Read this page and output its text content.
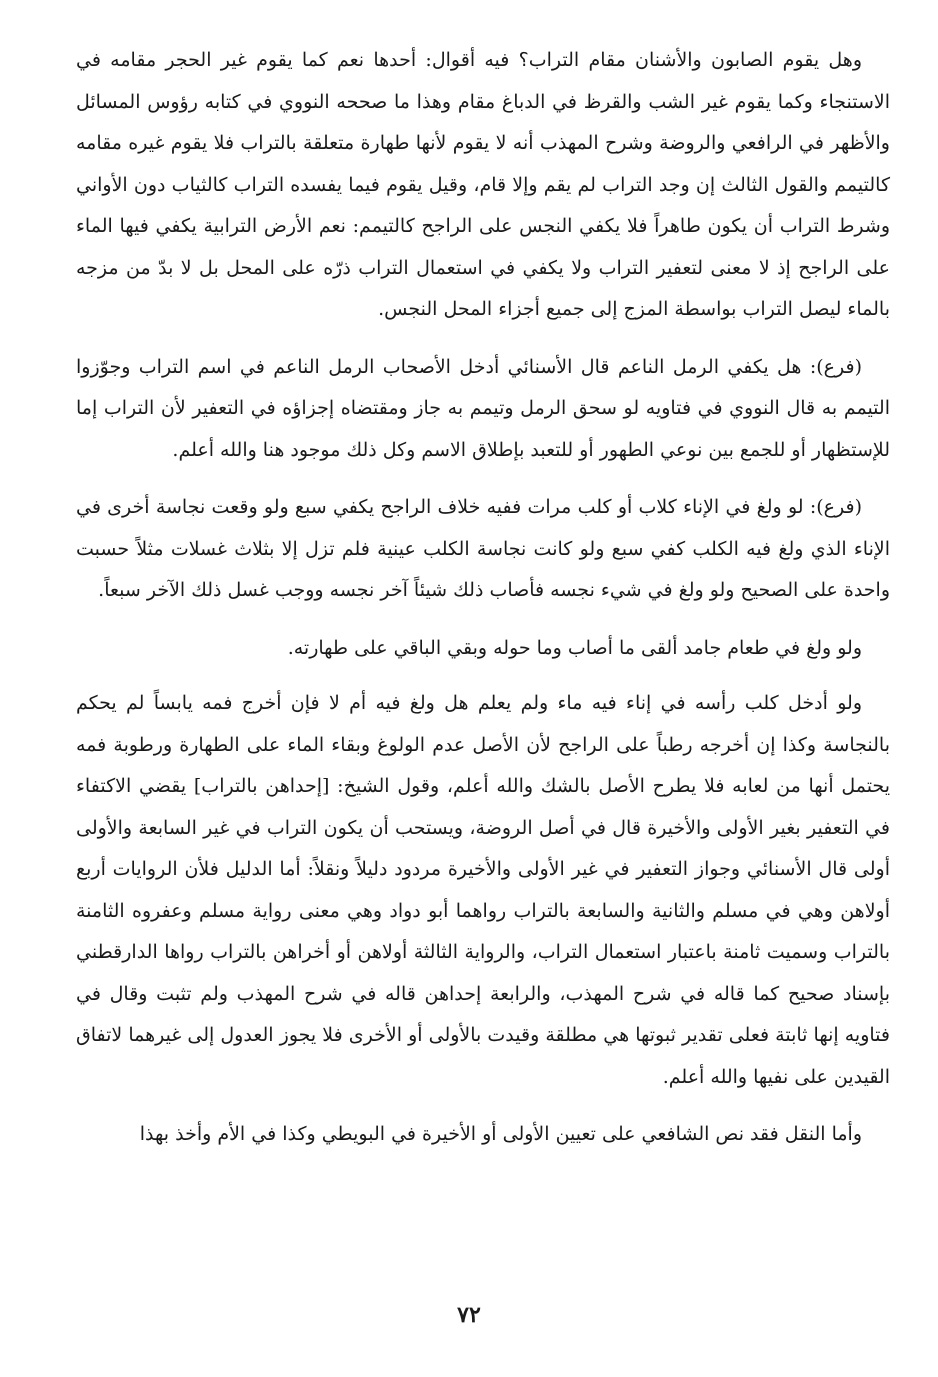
وهل يقوم الصابون والأشنان مقام التراب؟ فيه أقوال: أحدها نعم كما يقوم غير الحجر مقامه في الاستنجاء وكما يقوم غير الشب والقرظ في الدباغ مقام وهذا ما صححه النووي في كتابه رؤوس المسائل والأظهر في الرافعي والروضة وشرح المهذب أنه لا يقوم لأنها طهارة متعلقة بالتراب فلا يقوم غيره مقامه كالتيمم والقول الثالث إن وجد التراب لم يقم وإلا قام، وقيل يقوم فيما يفسده التراب كالثياب دون الأواني وشرط التراب أن يكون طاهراً فلا يكفي النجس على الراجح كالتيمم: نعم الأرض الترابية يكفي فيها الماء على الراجح إذ لا معنى لتعفير التراب ولا يكفي في استعمال التراب ذرّه على المحل بل لا بدّ من مزجه بالماء ليصل التراب بواسطة المزج إلى جميع أجزاء المحل النجس.

(فرع): هل يكفي الرمل الناعم قال الأسنائي أدخل الأصحاب الرمل الناعم في اسم التراب وجوّزوا التيمم به قال النووي في فتاويه لو سحق الرمل وتيمم به جاز ومقتضاه إجزاؤه في التعفير لأن التراب إما للإستظهار أو للجمع بين نوعي الطهور أو للتعبد بإطلاق الاسم وكل ذلك موجود هنا والله أعلم.

(فرع): لو ولغ في الإناء كلاب أو كلب مرات ففيه خلاف الراجح يكفي سبع ولو وقعت نجاسة أخرى في الإناء الذي ولغ فيه الكلب كفي سبع ولو كانت نجاسة الكلب عينية فلم تزل إلا بثلاث غسلات مثلاً حسبت واحدة على الصحيح ولو ولغ في شيء نجسه فأصاب ذلك شيئاً آخر نجسه ووجب غسل ذلك الآخر سبعاً.

ولو ولغ في طعام جامد ألقى ما أصاب وما حوله وبقي الباقي على طهارته.

ولو أدخل كلب رأسه في إناء فيه ماء ولم يعلم هل ولغ فيه أم لا فإن أخرج فمه يابساً لم يحكم بالنجاسة وكذا إن أخرجه رطباً على الراجح لأن الأصل عدم الولوغ وبقاء الماء على الطهارة ورطوبة فمه يحتمل أنها من لعابه فلا يطرح الأصل بالشك والله أعلم، وقول الشيخ: [إحداهن بالتراب] يقضي الاكتفاء في التعفير بغير الأولى والأخيرة قال في أصل الروضة، ويستحب أن يكون التراب في غير السابعة والأولى أولى قال الأسنائي وجواز التعفير في غير الأولى والأخيرة مردود دليلاً ونقلاً: أما الدليل فلأن الروايات أربع أولاهن وهي في مسلم والثانية والسابعة بالتراب رواهما أبو دواد وهي معنى رواية مسلم وعفروه الثامنة بالتراب وسميت ثامنة باعتبار استعمال التراب، والرواية الثالثة أولاهن أو أخراهن بالتراب رواها الدارقطني بإسناد صحيح كما قاله في شرح المهذب، والرابعة إحداهن قاله في شرح المهذب ولم تثبت وقال في فتاويه إنها ثابتة فعلى تقدير ثبوتها هي مطلقة وقيدت بالأولى أو الأخرى فلا يجوز العدول إلى غيرهما لاتفاق القيدين على نفيها والله أعلم.

وأما النقل فقد نص الشافعي على تعيين الأولى أو الأخيرة في البويطي وكذا في الأم وأخذ بهذا

٧٢
